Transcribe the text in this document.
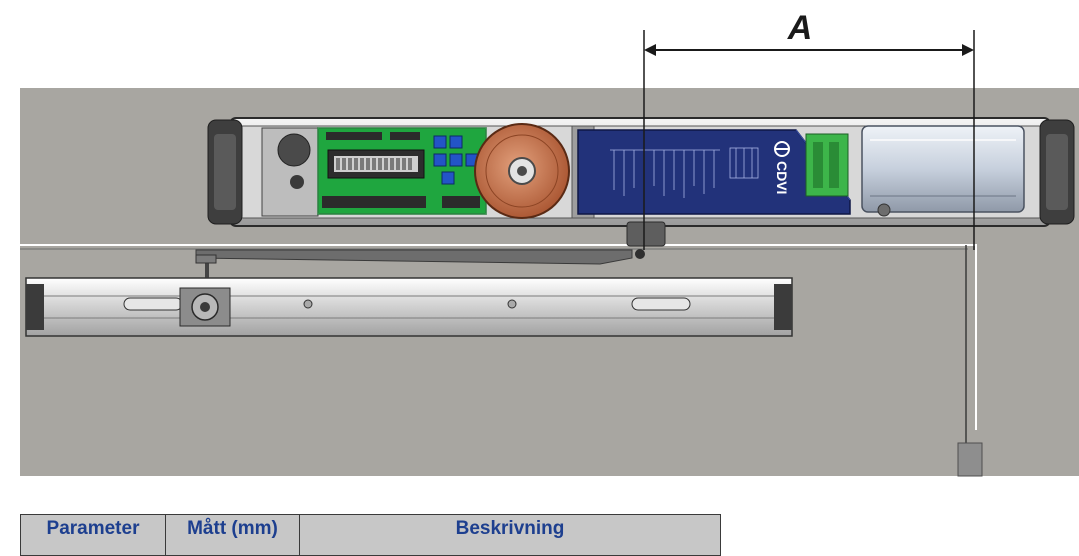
CDVI
A
Parameter	Mått (mm)	Beskrivning
